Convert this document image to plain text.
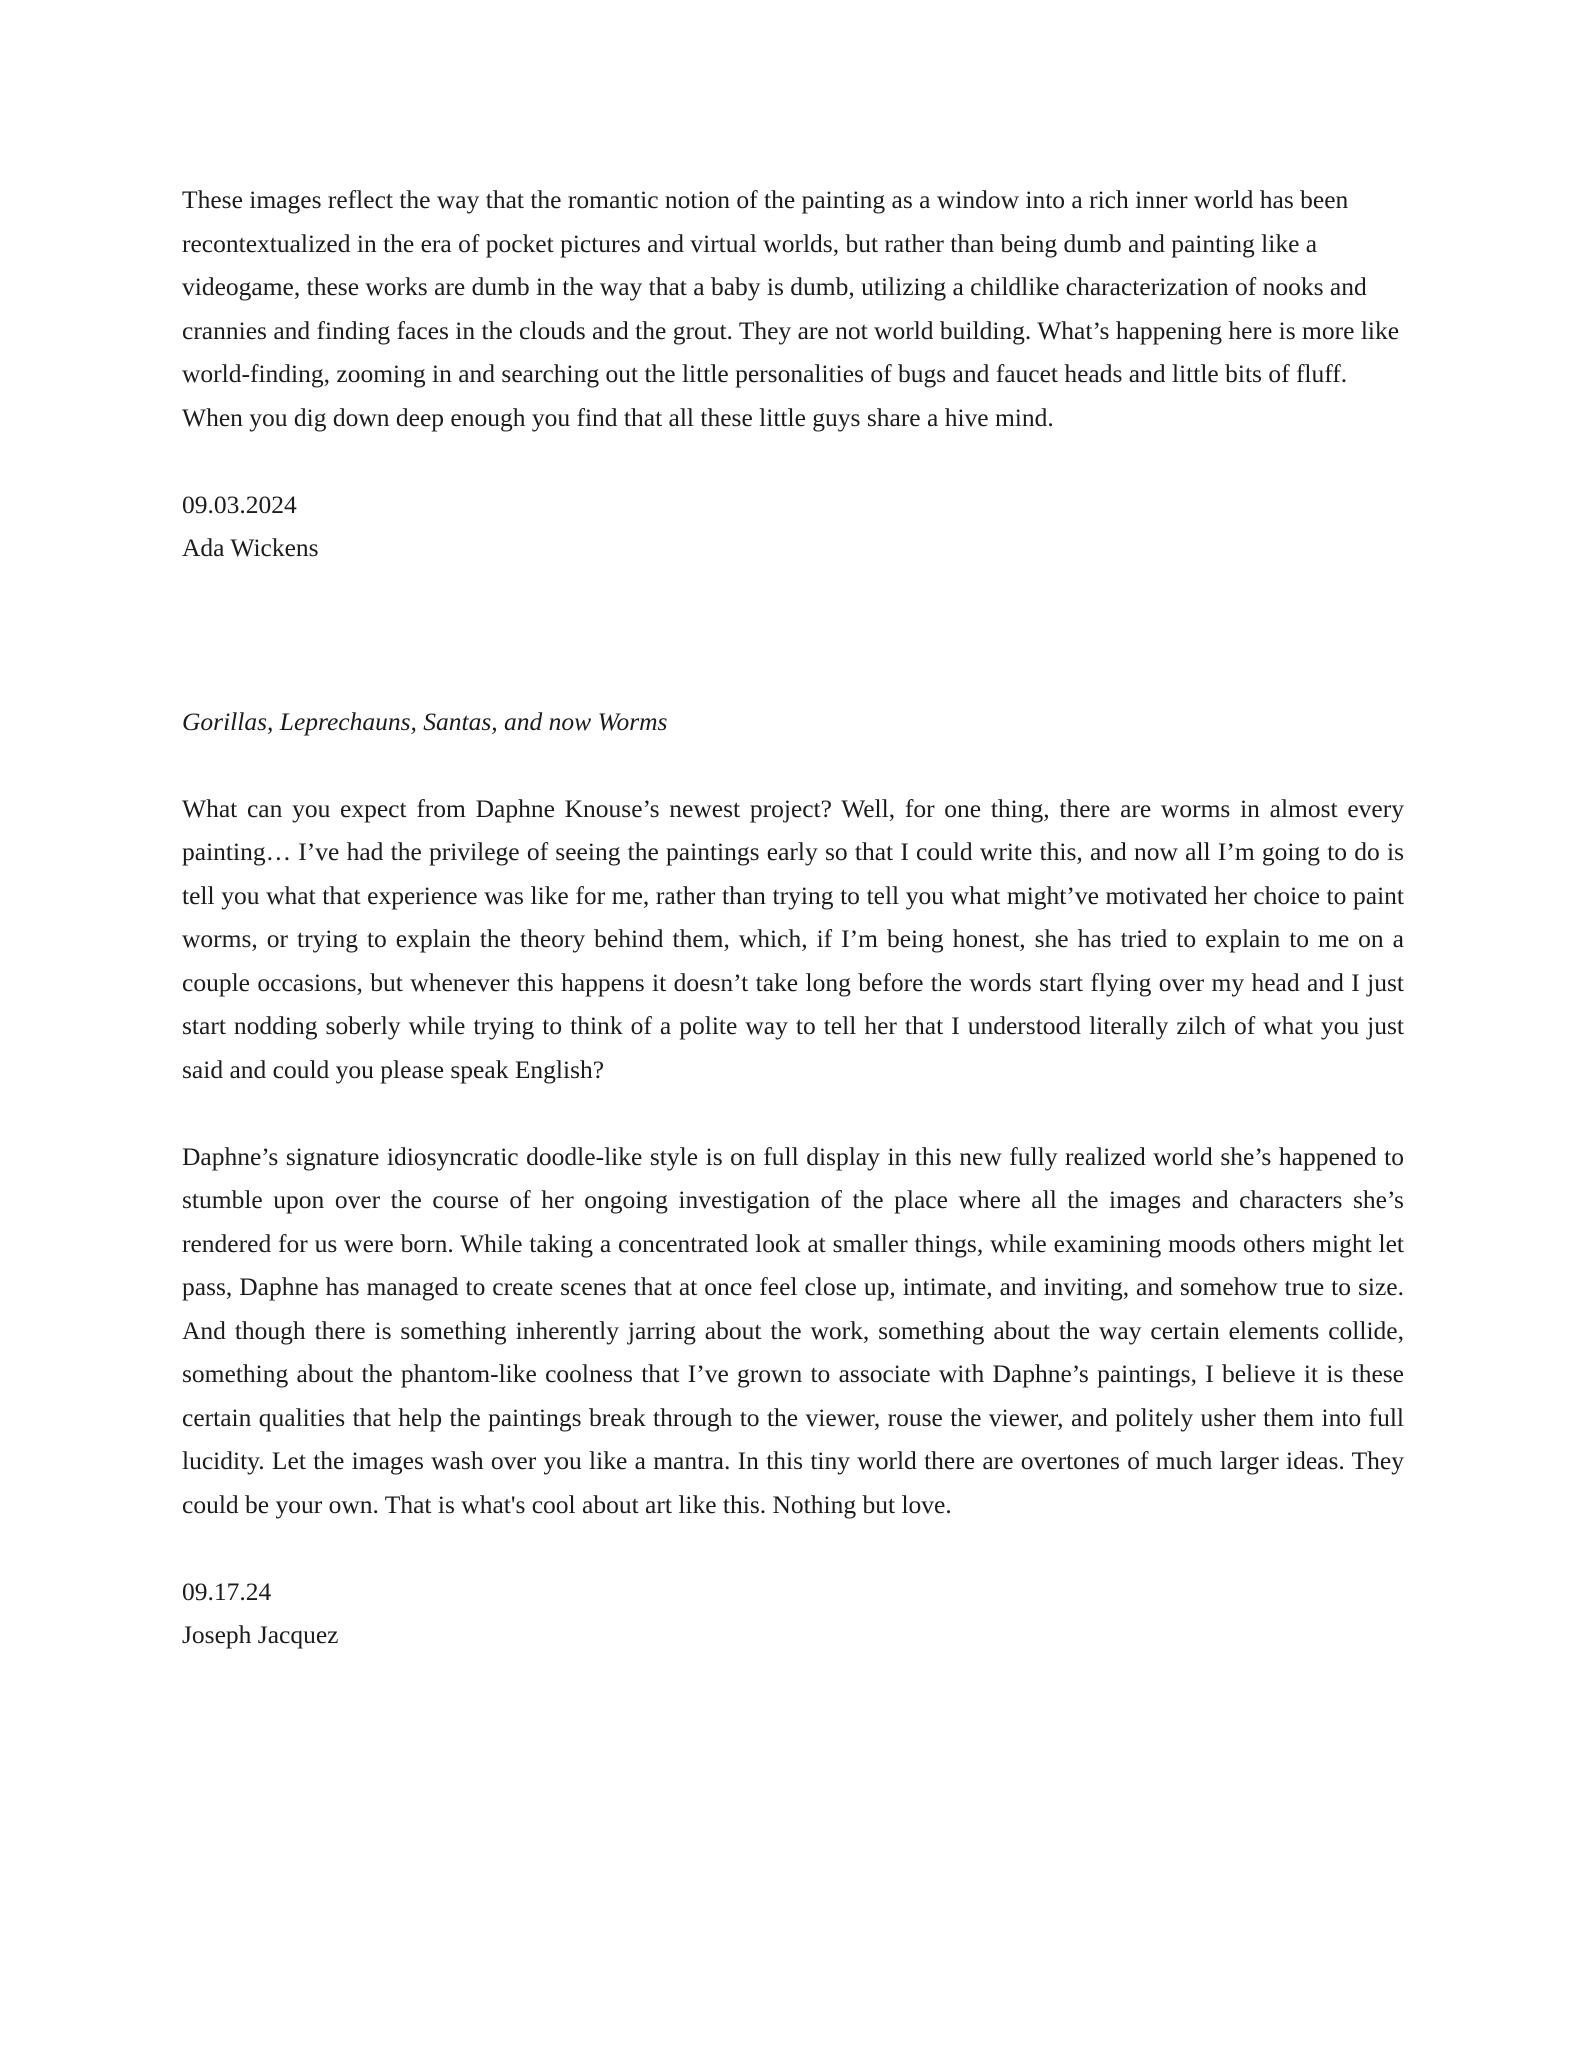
These images reflect the way that the romantic notion of the painting as a window into a rich inner world has been recontextualized in the era of pocket pictures and virtual worlds, but rather than being dumb and painting like a videogame, these works are dumb in the way that a baby is dumb, utilizing a childlike characterization of nooks and crannies and finding faces in the clouds and the grout. They are not world building. What’s happening here is more like world-finding, zooming in and searching out the little personalities of bugs and faucet heads and little bits of fluff. When you dig down deep enough you find that all these little guys share a hive mind.

09.03.2024

Ada Wickens

Gorillas, Leprechauns, Santas, and now Worms

What can you expect from Daphne Knouse’s newest project? Well, for one thing, there are worms in almost every painting… I’ve had the privilege of seeing the paintings early so that I could write this, and now all I’m going to do is tell you what that experience was like for me, rather than trying to tell you what might’ve motivated her choice to paint worms, or trying to explain the theory behind them, which, if I’m being honest, she has tried to explain to me on a couple occasions, but whenever this happens it doesn’t take long before the words start flying over my head and I just start nodding soberly while trying to think of a polite way to tell her that I understood literally zilch of what you just said and could you please speak English?

Daphne’s signature idiosyncratic doodle-like style is on full display in this new fully realized world she’s happened to stumble upon over the course of her ongoing investigation of the place where all the images and characters she’s rendered for us were born. While taking a concentrated look at smaller things, while examining moods others might let pass, Daphne has managed to create scenes that at once feel close up, intimate, and inviting, and somehow true to size. And though there is something inherently jarring about the work, something about the way certain elements collide, something about the phantom-like coolness that I’ve grown to associate with Daphne’s paintings, I believe it is these certain qualities that help the paintings break through to the viewer, rouse the viewer, and politely usher them into full lucidity. Let the images wash over you like a mantra. In this tiny world there are overtones of much larger ideas. They could be your own. That is what's cool about art like this. Nothing but love.

09.17.24

Joseph Jacquez
